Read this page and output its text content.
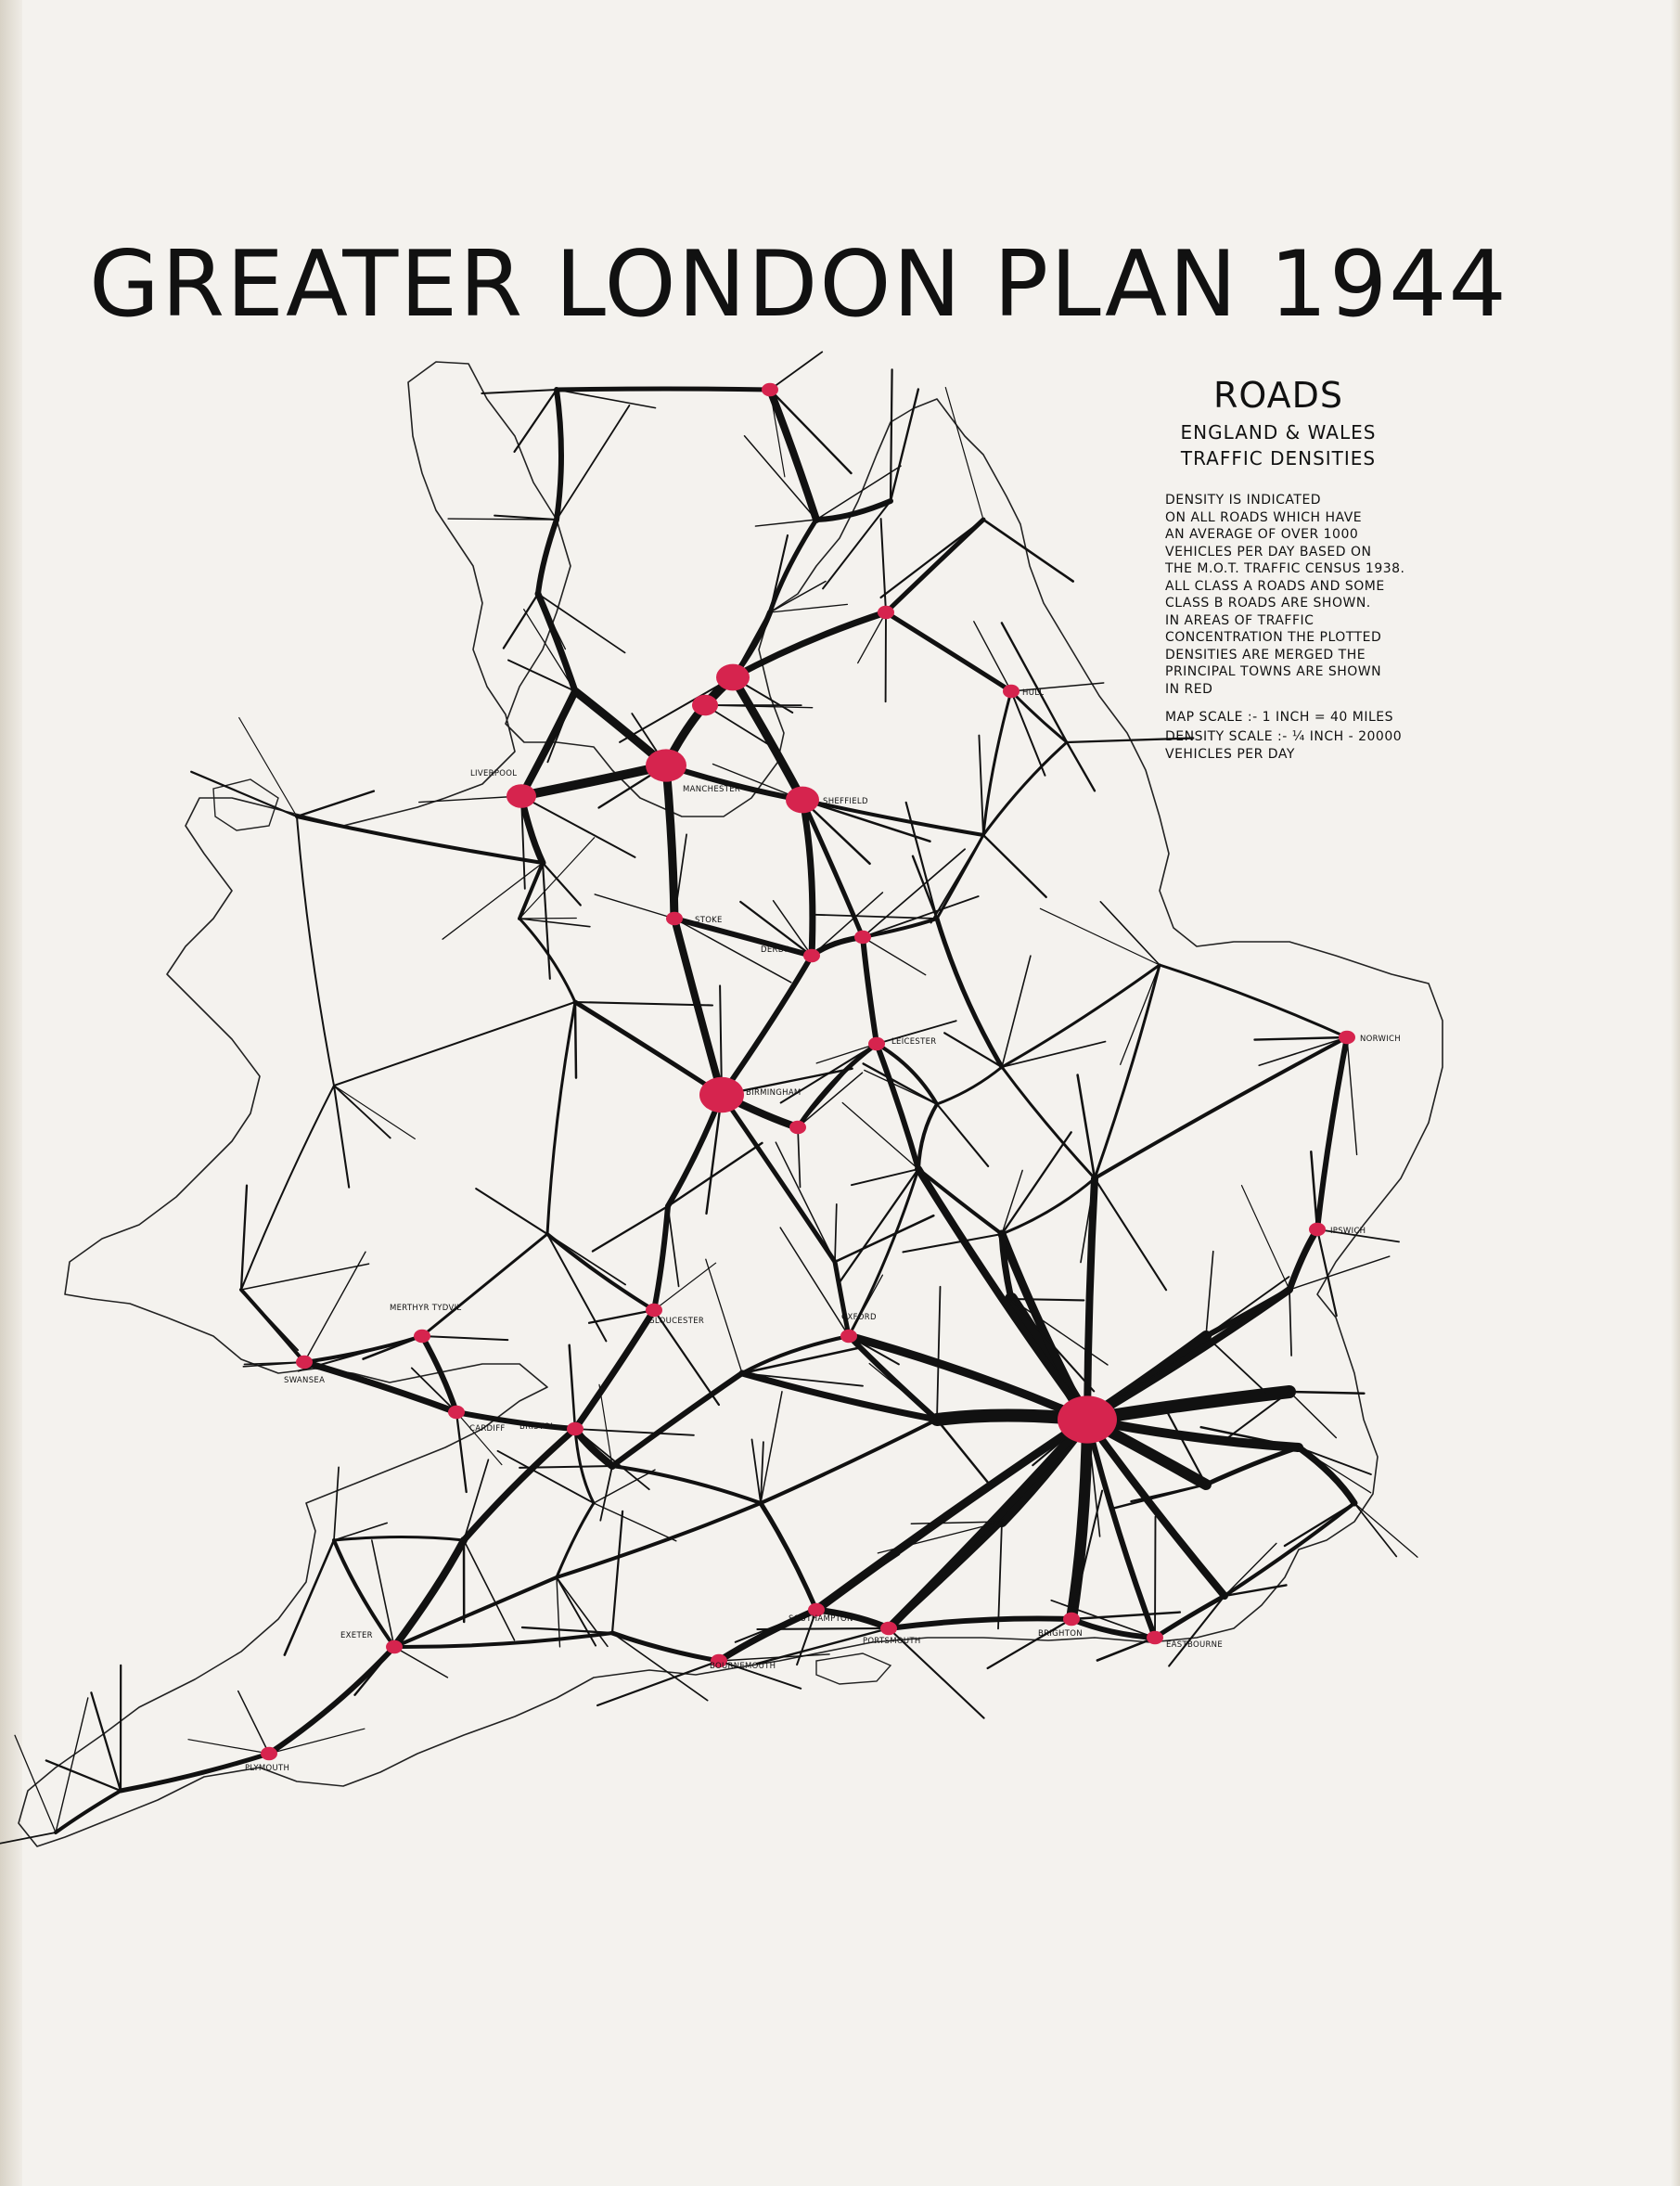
GREATER LONDON PLAN 1944

ROADS

ENGLAND & WALES

TRAFFIC DENSITIES

DENSITY IS INDICATED
ON ALL ROADS WHICH HAVE
AN AVERAGE OF OVER 1000
VEHICLES PER DAY BASED ON
THE M.O.T. TRAFFIC CENSUS 1938.
ALL CLASS A ROADS AND SOME
CLASS B ROADS ARE SHOWN.
IN AREAS OF TRAFFIC
CONCENTRATION THE PLOTTED
DENSITIES ARE MERGED THE
PRINCIPAL TOWNS ARE SHOWN
IN RED

MAP SCALE :- 1 INCH = 40 MILES

DENSITY SCALE :- ¼ INCH - 20000
VEHICLES PER DAY

LIVERPOOL
MANCHESTER
SHEFFIELD
HULL
STOKE
DERBY
LEICESTER	NORWICH
BIRMINGHAM
IPSWICH
MERTHYR TYDVIL
GLOUCESTER	OXFORD
SWANSEA
CARDIFF BRISTOL
EXETER
SOUTHAMPTON
PORTSMOUTH
BRIGHTON
EASTBOURNE
BOURNEMOUTH
PLYMOUTH
